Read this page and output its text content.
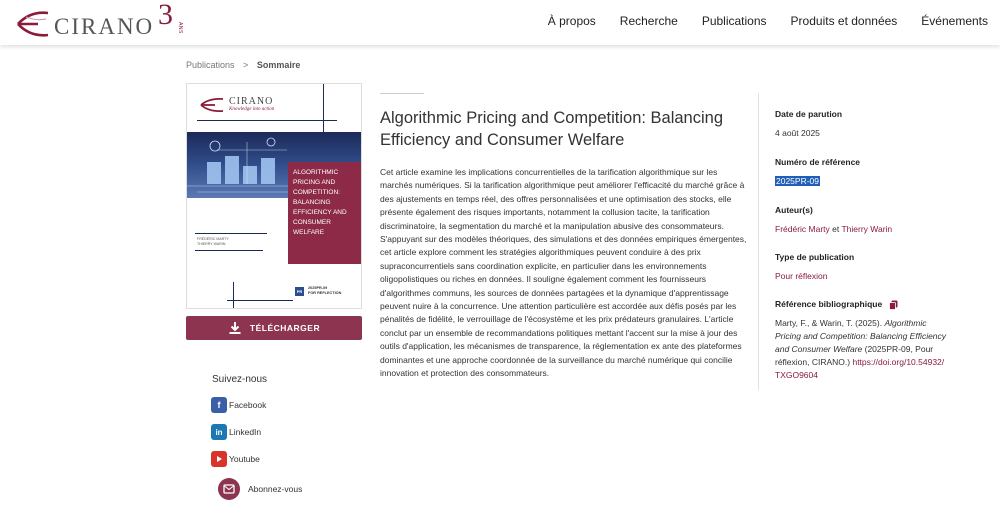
CIRANO 3 ANS	À propos Recherche Publications Produits et données Événements
Publications > Sommaire
CIRANO
Knowledge into action
ALGORITHMIC
PRICING AND
COMPETITION:
BALANCING
EFFICIENCY AND
CONSUMER
WELFARE
FRÉDÉRIC MARTY
THIERRY WARIN
PR
2025PR-09
FOR REFLECTION
TÉLÉCHARGER
Suivez-nous
f	Facebook
in LinkedIn
Youtube
Abonnez-vous
Algorithmic Pricing and Competition: Balancing Efficiency and Consumer Welfare

Cet article examine les implications concurrentielles de la tarification algorithmique sur les marchés numériques. Si la tarification algorithmique peut améliorer l'efficacité du marché grâce à des ajustements en temps réel, des offres personnalisées et une optimisation des stocks, elle présente également des risques importants, notamment la collusion tacite, la tarification discriminatoire, la segmentation du marché et la manipulation abusive des consommateurs. S'appuyant sur des modèles théoriques, des simulations et des données empiriques émergentes, cet article explore comment les stratégies algorithmiques peuvent conduire à des prix supraconcurrentiels sans coordination explicite, en particulier dans les environnements oligopolistiques ou riches en données. Il souligne également comment les fournisseurs d'algorithmes communs, les sources de données partagées et la dynamique d'apprentissage peuvent nuire à la concurrence. Une attention particulière est accordée aux défis posés par les pénalités de fidélité, le verrouillage de l'écosystème et les prix prédateurs granulaires. L'article conclut par un ensemble de recommandations politiques mettant l'accent sur la mise à jour des outils d'application, les mécanismes de transparence, la réglementation ex ante des plateformes dominantes et une approche coordonnée de la surveillance du marché numérique qui concilie innovation et protection des consommateurs.

Date de parution
4 août 2025
Numéro de référence
2025PR-09
Auteur(s)
Frédéric Marty et Thierry Warin
Type de publication
Pour réflexion
Référence bibliographique
Marty, F., & Warin, T. (2025). Algorithmic Pricing and Competition: Balancing Efficiency and Consumer Welfare (2025PR-09, Pour réflexion, CIRANO.) https://doi.org/10.54932/TXGO9604
